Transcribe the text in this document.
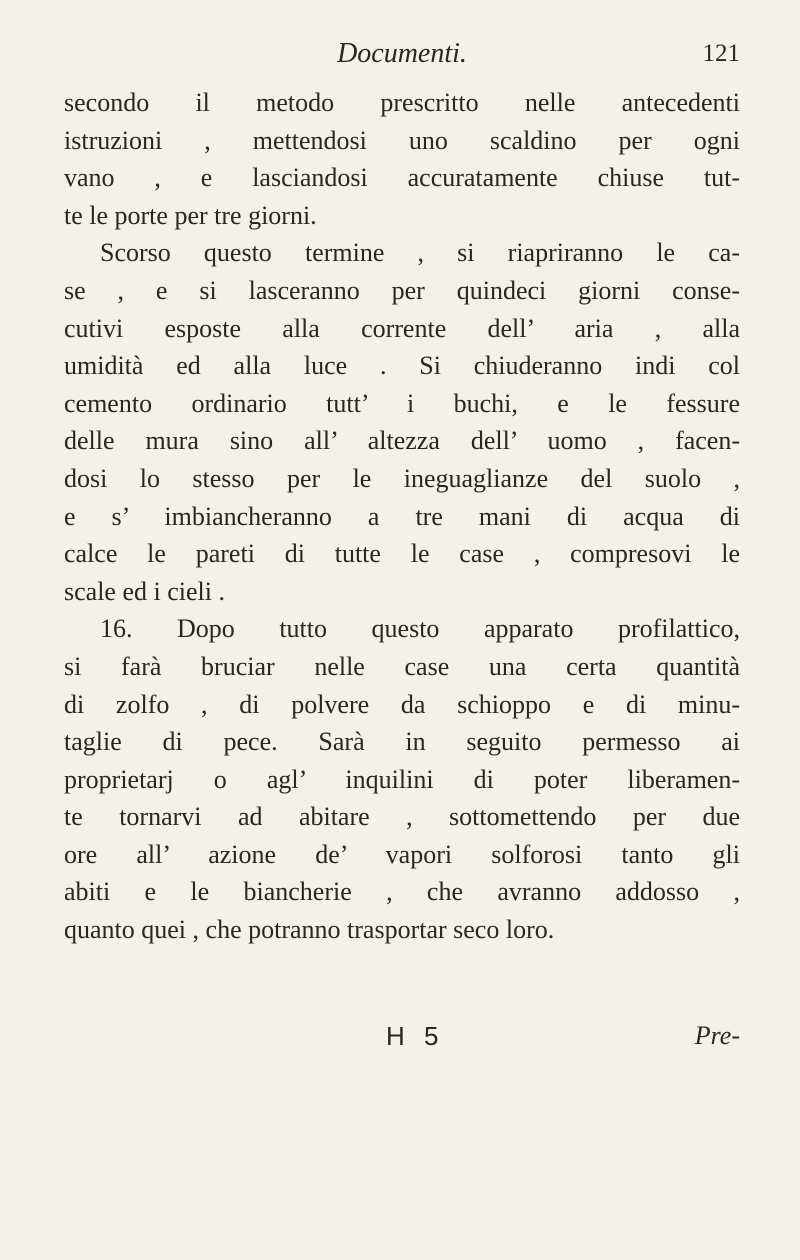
Documenti.	121
secondo il metodo prescritto nelle antecedenti
istruzioni , mettendosi uno scaldino per ogni
vano , e lasciandosi accuratamente chiuse tut-
te le porte per tre giorni.
Scorso questo termine , si riapriranno le ca-
se , e si lasceranno per quindeci giorni conse-
cutivi esposte alla corrente dell’ aria , alla
umidità ed alla luce . Si chiuderanno indi col
cemento ordinario tutt’ i buchi, e le fessure
delle mura sino all’ altezza dell’ uomo , facen-
dosi lo stesso per le ineguaglianze del suolo ,
e s’ imbiancheranno a tre mani di acqua di
calce le pareti di tutte le case , compresovi le
scale ed i cieli .
16. Dopo tutto questo apparato profilattico,
si farà bruciar nelle case una certa quantità
di zolfo , di polvere da schioppo e di minu-
taglie di pece. Sarà in seguito permesso ai
proprietarj o agl’ inquilini di poter liberamen-
te tornarvi ad abitare , sottomettendo per due
ore all’ azione de’ vapori solforosi tanto gli
abiti e le biancherie , che avranno addosso ,
quanto quei , che potranno trasportar seco loro.
H 5	Pre-
